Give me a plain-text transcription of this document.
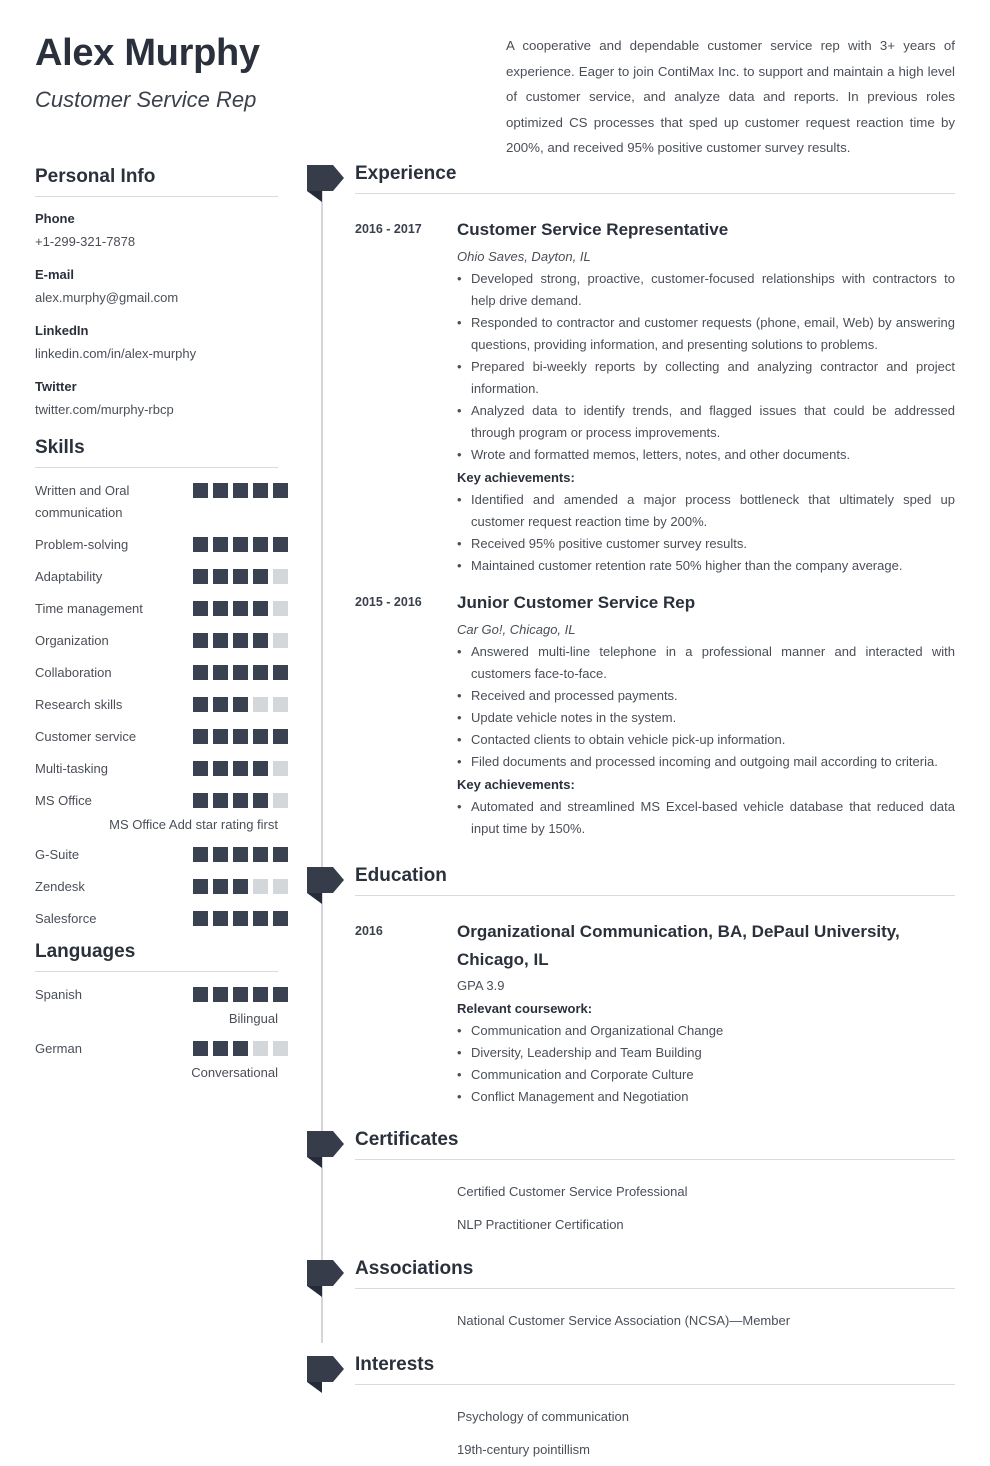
Alex Murphy
Customer Service Rep
A cooperative and dependable customer service rep with 3+ years of experience. Eager to join ContiMax Inc. to support and maintain a high level of customer service, and analyze data and reports. In previous roles optimized CS processes that sped up customer request reaction time by 200%, and received 95% positive customer survey results.
Personal Info
Phone
+1-299-321-7878
E-mail
alex.murphy@gmail.com
LinkedIn
linkedin.com/in/alex-murphy
Twitter
twitter.com/murphy-rbcp
Skills
Written and Oral communication
Problem-solving
Adaptability
Time management
Organization
Collaboration
Research skills
Customer service
Multi-tasking
MS Office
MS Office Add star rating first
G-Suite
Zendesk
Salesforce
Languages
Spanish
Bilingual
German
Conversational
Experience
2016 - 2017	Customer Service Representative
Ohio Saves, Dayton, IL
• Developed strong, proactive, customer-focused relationships with contractors to help drive demand.
• Responded to contractor and customer requests (phone, email, Web) by answering questions, providing information, and presenting solutions to problems.
• Prepared bi-weekly reports by collecting and analyzing contractor and project information.
• Analyzed data to identify trends, and flagged issues that could be addressed through program or process improvements.
• Wrote and formatted memos, letters, notes, and other documents.
Key achievements:
• Identified and amended a major process bottleneck that ultimately sped up customer request reaction time by 200%.
• Received 95% positive customer survey results.
• Maintained customer retention rate 50% higher than the company average.
2015 - 2016	Junior Customer Service Rep
Car Go!, Chicago, IL
• Answered multi-line telephone in a professional manner and interacted with customers face-to-face.
• Received and processed payments.
• Update vehicle notes in the system.
• Contacted clients to obtain vehicle pick-up information.
• Filed documents and processed incoming and outgoing mail according to criteria.
Key achievements:
• Automated and streamlined MS Excel-based vehicle database that reduced data input time by 150%.
Education
2016	Organizational Communication, BA, DePaul University, Chicago, IL
GPA 3.9
Relevant coursework:
• Communication and Organizational Change
• Diversity, Leadership and Team Building
• Communication and Corporate Culture
• Conflict Management and Negotiation
Certificates
Certified Customer Service Professional
NLP Practitioner Certification
Associations
National Customer Service Association (NCSA)—Member
Interests
Psychology of communication
19th-century pointillism
